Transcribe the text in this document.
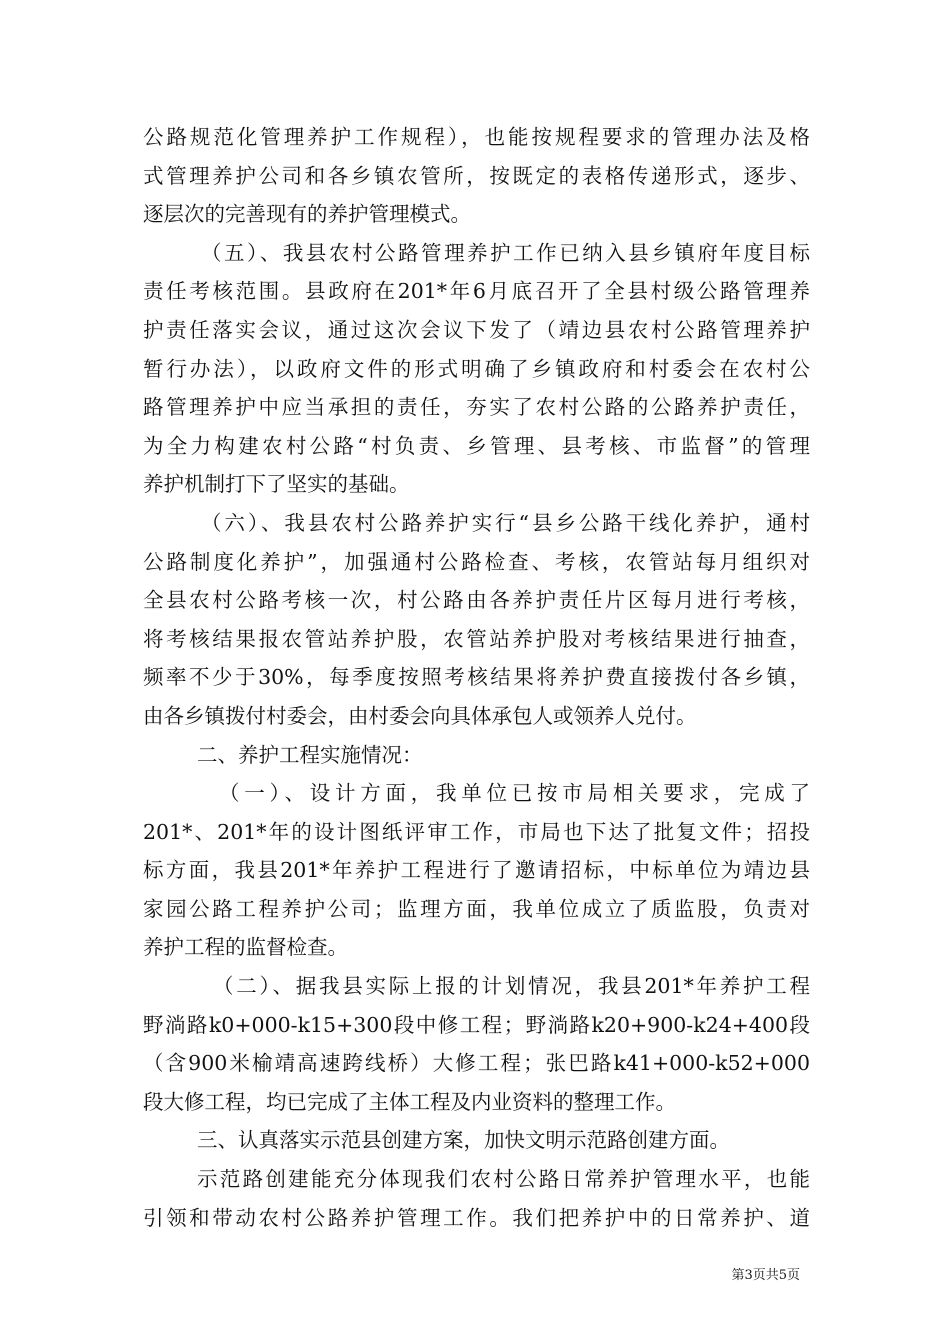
公路规范化管理养护工作规程），也能按规程要求的管理办法及格
式管理养护公司和各乡镇农管所，按既定的表格传递形式，逐步、
逐层次的完善现有的养护管理模式。
（五）、我县农村公路管理养护工作已纳入县乡镇府年度目标
责任考核范围。县政府在201*年6月底召开了全县村级公路管理养
护责任落实会议，通过这次会议下发了（靖边县农村公路管理养护
暂行办法），以政府文件的形式明确了乡镇政府和村委会在农村公
路管理养护中应当承担的责任，夯实了农村公路的公路养护责任，
为全力构建农村公路“村负责、乡管理、县考核、市监督”的管理
养护机制打下了坚实的基础。
（六）、我县农村公路养护实行“县乡公路干线化养护，通村
公路制度化养护”，加强通村公路检查、考核，农管站每月组织对
全县农村公路考核一次，村公路由各养护责任片区每月进行考核，
将考核结果报农管站养护股，农管站养护股对考核结果进行抽查，
频率不少于30%，每季度按照考核结果将养护费直接拨付各乡镇，
由各乡镇拨付村委会，由村委会向具体承包人或领养人兑付。
二、养护工程实施情况：
（一）、设计方面，我单位已按市局相关要求，完成了
201*、201*年的设计图纸评审工作，市局也下达了批复文件；招投
标方面，我县201*年养护工程进行了邀请招标，中标单位为靖边县
家园公路工程养护公司；监理方面，我单位成立了质监股，负责对
养护工程的监督检查。
（二）、据我县实际上报的计划情况，我县201*年养护工程
野淌路k0+000-k15+300段中修工程；野淌路k20+900-k24+400段
（含900米榆靖高速跨线桥）大修工程；张巴路k41+000-k52+000
段大修工程，均已完成了主体工程及内业资料的整理工作。
三、认真落实示范县创建方案，加快文明示范路创建方面。
示范路创建能充分体现我们农村公路日常养护管理水平，也能
引领和带动农村公路养护管理工作。我们把养护中的日常养护、道
第3页共5页
